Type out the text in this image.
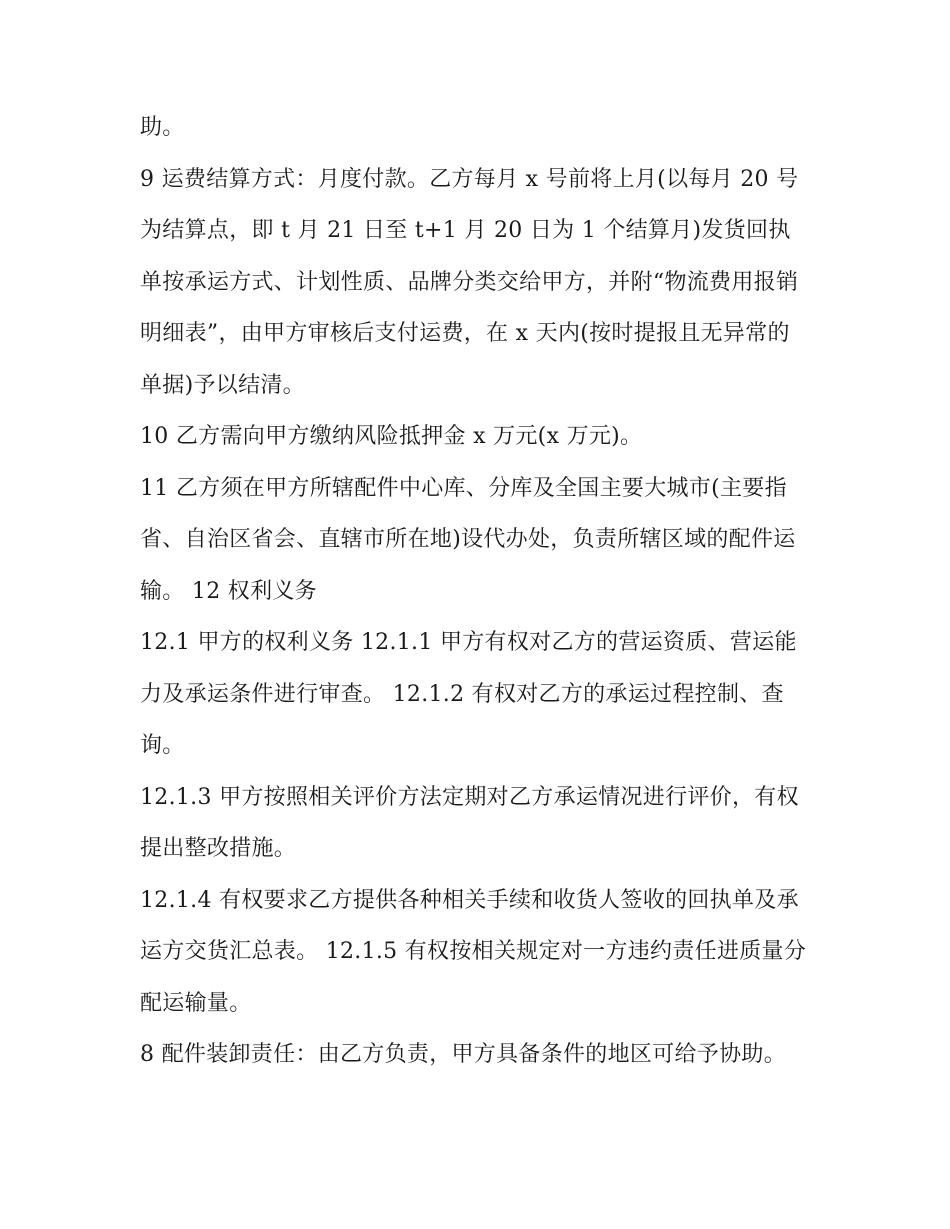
助。

9 运费结算方式：月度付款。乙方每月 x 号前将上月(以每月 20 号为结算点，即 t 月 21 日至 t+1 月 20 日为 1 个结算月)发货回执单按承运方式、计划性质、品牌分类交给甲方，并附“物流费用报销明细表”，由甲方审核后支付运费，在 x 天内(按时提报且无异常的单据)予以结清。

10 乙方需向甲方缴纳风险抵押金 x 万元(x 万元)。

11 乙方须在甲方所辖配件中心库、分库及全国主要大城市(主要指省、自治区省会、直辖市所在地)设代办处，负责所辖区域的配件运输。 12 权利义务

12.1 甲方的权利义务 12.1.1 甲方有权对乙方的营运资质、营运能力及承运条件进行审查。 12.1.2 有权对乙方的承运过程控制、查询。

12.1.3 甲方按照相关评价方法定期对乙方承运情况进行评价，有权提出整改措施。

12.1.4 有权要求乙方提供各种相关手续和收货人签收的回执单及承运方交货汇总表。 12.1.5 有权按相关规定对一方违约责任进质量分配运输量。

8 配件装卸责任：由乙方负责，甲方具备条件的地区可给予协助。
